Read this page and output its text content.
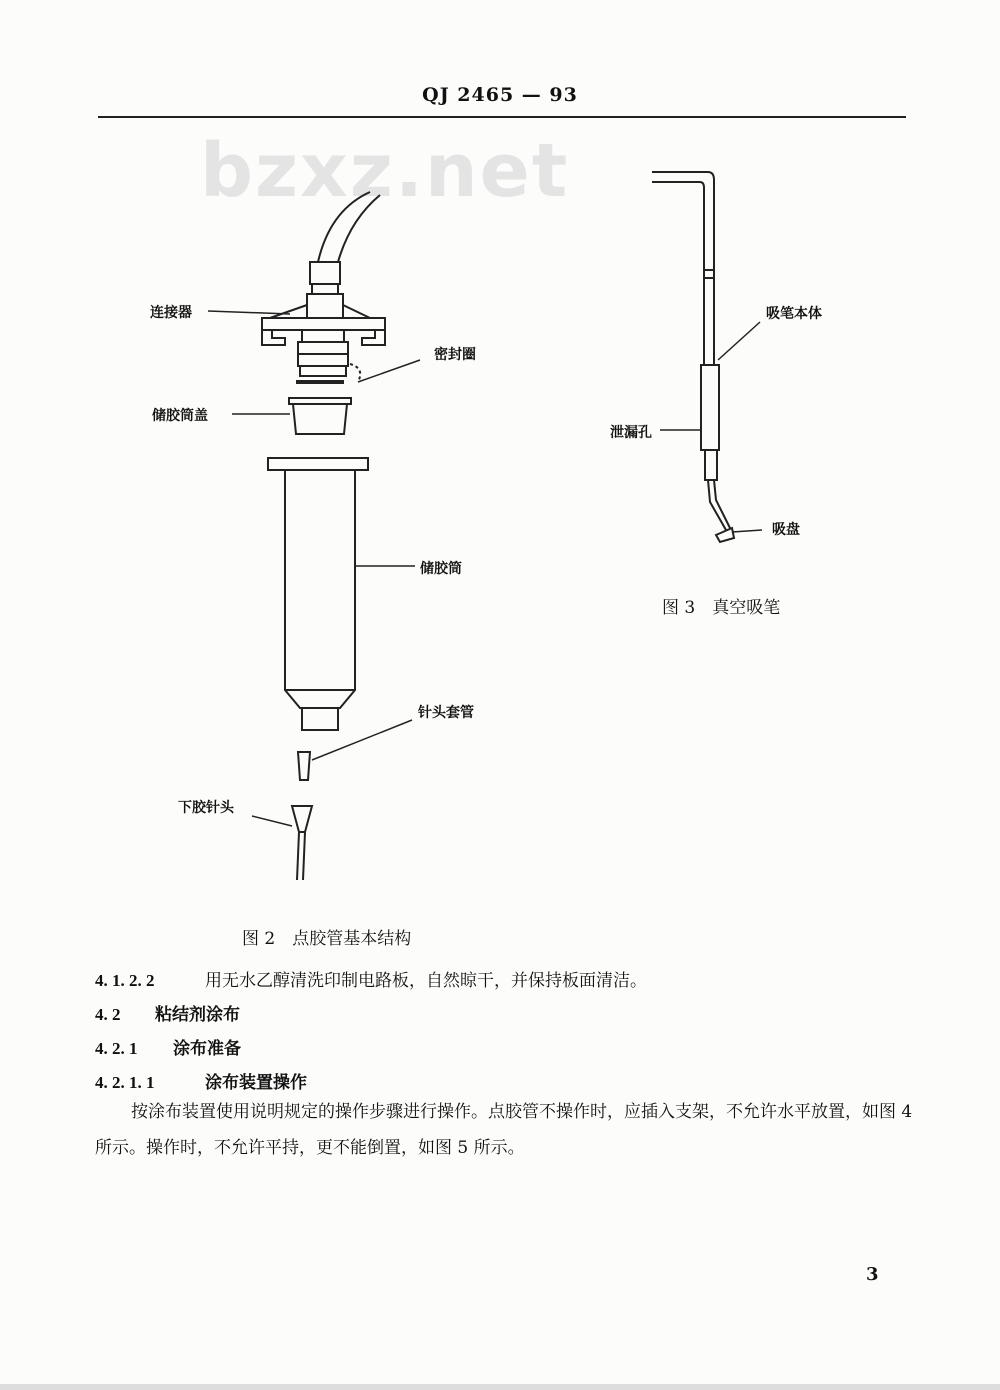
QJ 2465 — 93
bzxz.net
连接器
密封圈
储胶筒盖
储胶筒
针头套管
下胶针头
图 2　点胶管基本结构
吸笔本体
泄漏孔
吸盘
图 3　真空吸笔
4. 1. 2. 2	用无水乙醇清洗印制电路板，自然晾干，并保持板面清洁。
4. 2 粘结剂涂布
4. 2. 1 涂布准备
4. 2. 1. 1	涂布装置操作
按涂布装置使用说明规定的操作步骤进行操作。点胶管不操作时，应插入支架，不允许水平放置，如图 4 所示。操作时，不允许平持，更不能倒置，如图 5 所示。
3
